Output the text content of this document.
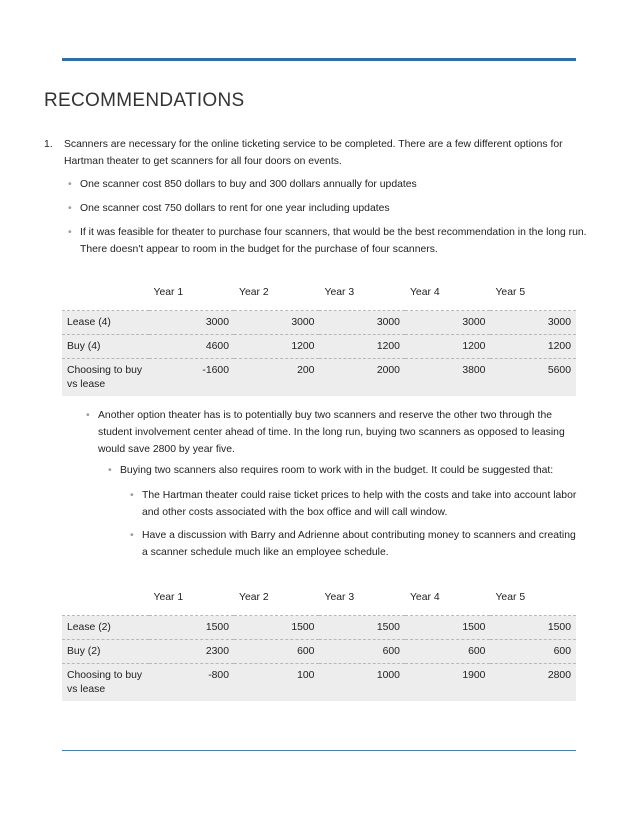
RECOMMENDATIONS
1. Scanners are necessary for the online ticketing service to be completed. There are a few different options for Hartman theater to get scanners for all four doors on events.
• One scanner cost 850 dollars to buy and 300 dollars annually for updates
• One scanner cost 750 dollars to rent for one year including updates
• If it was feasible for theater to purchase four scanners, that would be the best recommendation in the long run. There doesn't appear to room in the budget for the purchase of four scanners.
	Year 1	Year 2	Year 3	Year 4	Year 5
Lease (4)	3000	3000	3000	3000	3000
Buy (4)	4600	1200	1200	1200	1200
Choosing to buy vs lease	-1600	200	2000	3800	5600
• Another option theater has is to potentially buy two scanners and reserve the other two through the student involvement center ahead of time. In the long run, buying two scanners as opposed to leasing would save 2800 by year five.
• Buying two scanners also requires room to work with in the budget. It could be suggested that:
• The Hartman theater could raise ticket prices to help with the costs and take into account labor and other costs associated with the box office and will call window.
• Have a discussion with Barry and Adrienne about contributing money to scanners and creating a scanner schedule much like an employee schedule.
	Year 1	Year 2	Year 3	Year 4	Year 5
Lease (2)	1500	1500	1500	1500	1500
Buy (2)	2300	600	600	600	600
Choosing to buy vs lease	-800	100	1000	1900	2800
